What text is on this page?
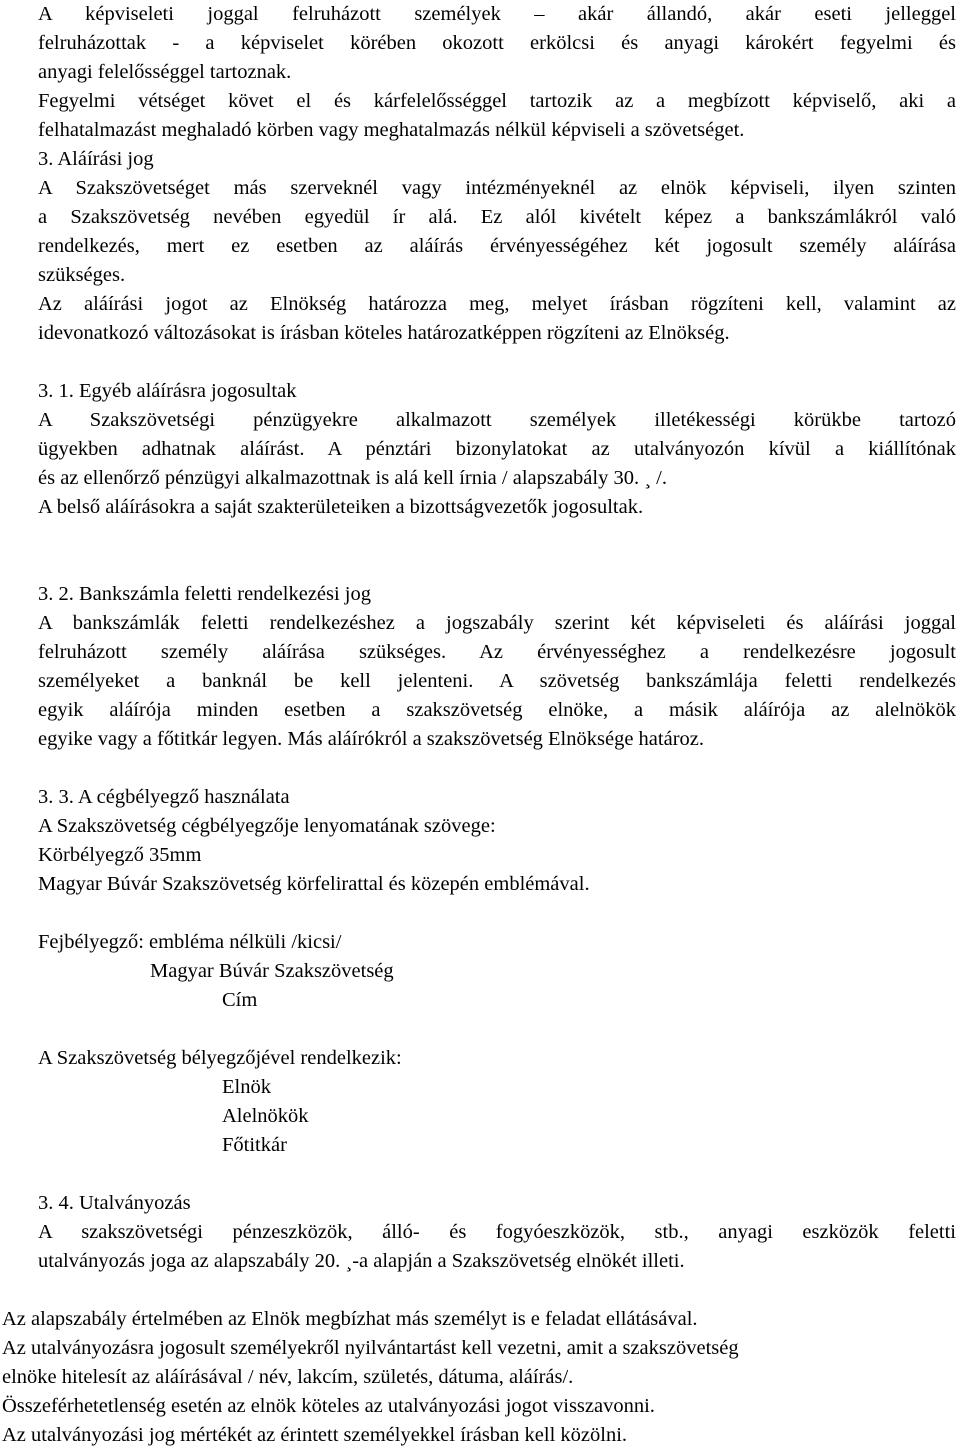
A képviseleti joggal felruházott személyek – akár állandó, akár eseti jelleggel
felruházottak - a képviselet körében okozott erkölcsi és anyagi károkért fegyelmi és
anyagi felelősséggel tartoznak.
Fegyelmi vétséget követ el és kárfelelősséggel tartozik az a megbízott képviselő, aki a
felhatalmazást meghaladó körben vagy meghatalmazás nélkül képviseli a szövetséget.
3. Aláírási jog
A Szakszövetséget más szerveknél vagy intézményeknél az elnök képviseli, ilyen szinten
a Szakszövetség nevében egyedül ír alá. Ez alól kivételt képez a bankszámlákról való
rendelkezés, mert ez esetben az aláírás érvényességéhez két jogosult személy aláírása
szükséges.
Az aláírási jogot az Elnökség határozza meg, melyet írásban rögzíteni kell, valamint az
idevonatkozó változásokat is írásban köteles határozatképpen rögzíteni az Elnökség.
3. 1. Egyéb aláírásra jogosultak
A Szakszövetségi pénzügyekre alkalmazott személyek illetékességi körükbe tartozó
ügyekben adhatnak aláírást. A pénztári bizonylatokat az utalványozón kívül a kiállítónak
és az ellenőrző pénzügyi alkalmazottnak is alá kell írnia / alapszabály 30. ¸ /.
A belső aláírásokra a saját szakterületeiken a bizottságvezetők jogosultak.
3. 2. Bankszámla feletti rendelkezési jog
A bankszámlák feletti rendelkezéshez a jogszabály szerint két képviseleti és aláírási joggal
felruházott személy aláírása szükséges. Az érvényességhez a rendelkezésre jogosult
személyeket a banknál be kell jelenteni. A szövetség bankszámlája feletti rendelkezés
egyik aláírója minden esetben a szakszövetség elnöke, a másik aláírója az alelnökök
egyike vagy a főtitkár legyen. Más aláírókról a szakszövetség Elnöksége határoz.
3. 3. A cégbélyegző használata
A Szakszövetség cégbélyegzője lenyomatának szövege:
Körbélyegző 35mm
Magyar Búvár Szakszövetség körfelirattal és közepén emblémával.
Fejbélyegző: embléma nélküli /kicsi/
Magyar Búvár Szakszövetség
Cím
A Szakszövetség bélyegzőjével rendelkezik:
Elnök
Alelnökök
Főtitkár
3. 4. Utalványozás
A szakszövetségi pénzeszközök, álló- és fogyóeszközök, stb., anyagi eszközök feletti
utalványozás joga az alapszabály 20. ¸-a alapján a Szakszövetség elnökét illeti.
Az alapszabály értelmében az Elnök megbízhat más személyt is e feladat ellátásával.
Az utalványozásra jogosult személyekről nyilvántartást kell vezetni, amit a szakszövetség
elnöke hitelesít az aláírásával / név, lakcím, születés, dátuma, aláírás/.
Összeférhetetlenség esetén az elnök köteles az utalványozási jogot visszavonni.
Az utalványozási jog mértékét az érintett személyekkel írásban kell közölni.
